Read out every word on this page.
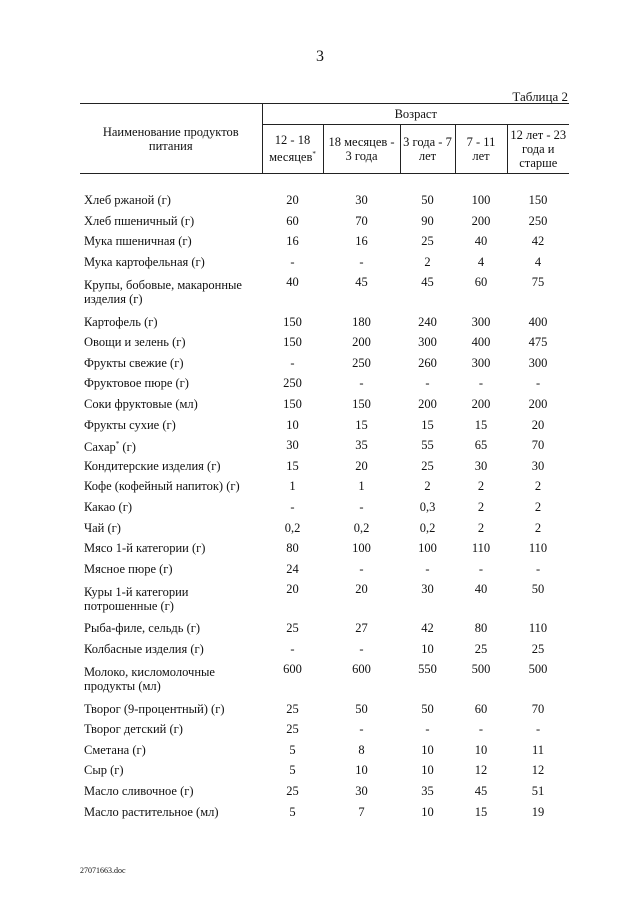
3
Таблица 2
Наименование продуктов питания	Возраст				
	12 - 18 месяцев*	18 месяцев - 3 года	3 года - 7 лет	7 - 11 лет	12 лет - 23 года и старше

Хлеб ржаной (г)	20	30	50	100	150
Хлеб пшеничный (г)	60	70	90	200	250
Мука пшеничная (г)	16	16	25	40	42
Мука картофельная (г)	-	-	2	4	4
Крупы, бобовые, макаронные изделия (г)	40	45	45	60	75
Картофель (г)	150	180	240	300	400
Овощи и зелень (г)	150	200	300	400	475
Фрукты свежие (г)	-	250	260	300	300
Фруктовое пюре (г)	250	-	-	-	-
Соки фруктовые (мл)	150	150	200	200	200
Фрукты сухие (г)	10	15	15	15	20
Сахар* (г)	30	35	55	65	70
Кондитерские изделия (г)	15	20	25	30	30
Кофе (кофейный напиток) (г)	1	1	2	2	2
Какао (г)	-	-	0,3	2	2
Чай (г)	0,2	0,2	0,2	2	2
Мясо 1-й категории (г)	80	100	100	110	110
Мясное пюре (г)	24	-	-	-	-
Куры 1-й категории потрошенные (г)	20	20	30	40	50
Рыба-филе, сельдь (г)	25	27	42	80	110
Колбасные изделия (г)	-	-	10	25	25
Молоко, кисломолочные продукты (мл)	600	600	550	500	500
Творог (9-процентный) (г)	25	50	50	60	70
Творог детский (г)	25	-	-	-	-
Сметана (г)	5	8	10	10	11
Сыр (г)	5	10	10	12	12
Масло сливочное (г)	25	30	35	45	51
Масло растительное (мл)	5	7	10	15	19
27071663.doc
